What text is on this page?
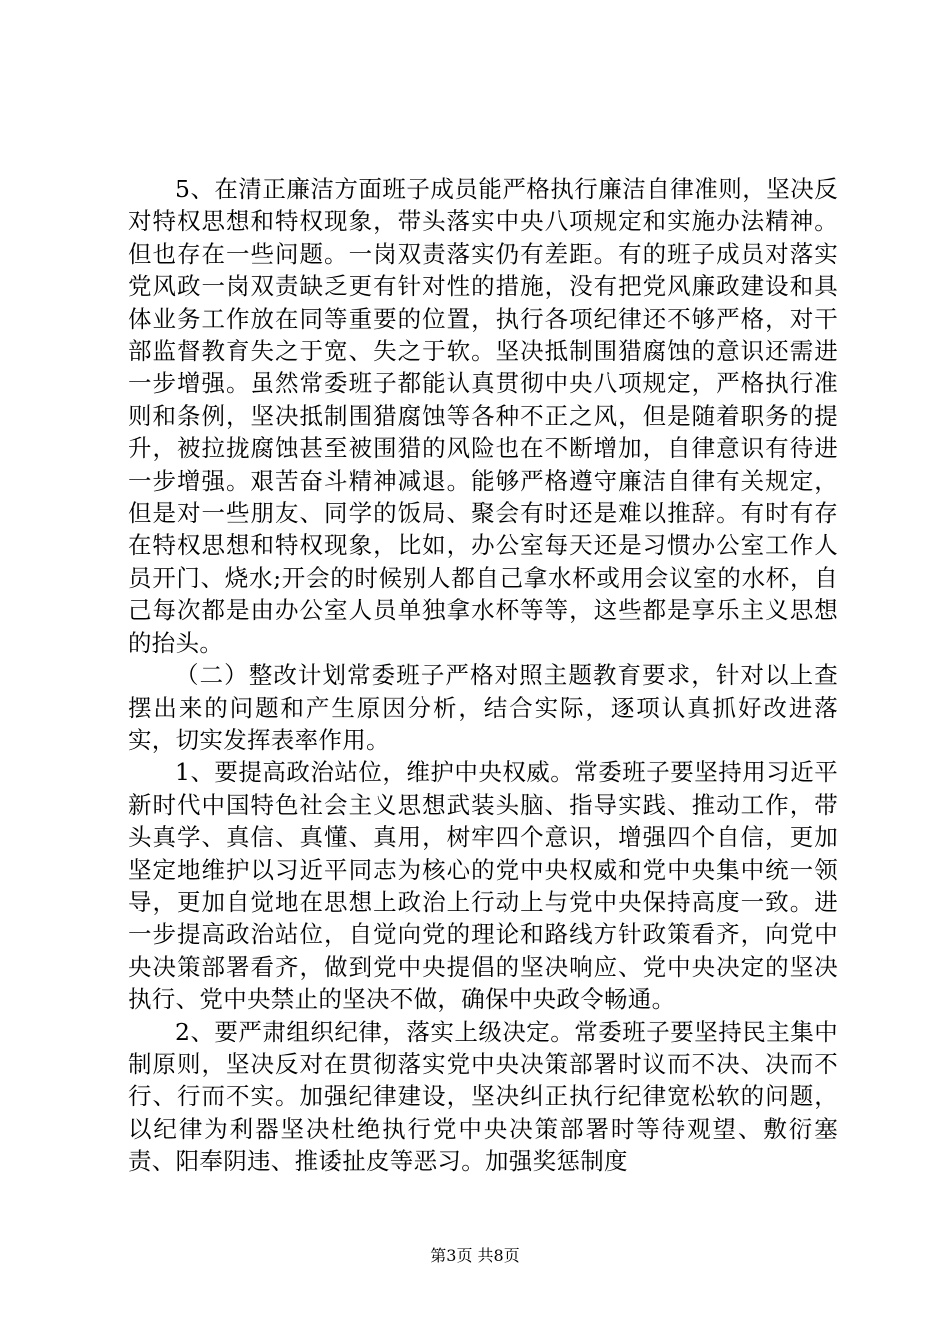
5、在清正廉洁方面班子成员能严格执行廉洁自律准则，坚决反对特权思想和特权现象，带头落实中央八项规定和实施办法精神。但也存在一些问题。一岗双责落实仍有差距。有的班子成员对落实党风政一岗双责缺乏更有针对性的措施，没有把党风廉政建设和具体业务工作放在同等重要的位置，执行各项纪律还不够严格，对干部监督教育失之于宽、失之于软。坚决抵制围猎腐蚀的意识还需进一步增强。虽然常委班子都能认真贯彻中央八项规定，严格执行准则和条例，坚决抵制围猎腐蚀等各种不正之风，但是随着职务的提升，被拉拢腐蚀甚至被围猎的风险也在不断增加，自律意识有待进一步增强。艰苦奋斗精神减退。能够严格遵守廉洁自律有关规定，但是对一些朋友、同学的饭局、聚会有时还是难以推辞。有时有存在特权思想和特权现象，比如，办公室每天还是习惯办公室工作人员开门、烧水;开会的时候别人都自己拿水杯或用会议室的水杯，自己每次都是由办公室人员单独拿水杯等等，这些都是享乐主义思想的抬头。

（二）整改计划常委班子严格对照主题教育要求，针对以上查摆出来的问题和产生原因分析，结合实际，逐项认真抓好改进落实，切实发挥表率作用。

1、要提高政治站位，维护中央权威。常委班子要坚持用习近平新时代中国特色社会主义思想武装头脑、指导实践、推动工作，带头真学、真信、真懂、真用，树牢四个意识，增强四个自信，更加坚定地维护以习近平同志为核心的党中央权威和党中央集中统一领导，更加自觉地在思想上政治上行动上与党中央保持高度一致。进一步提高政治站位，自觉向党的理论和路线方针政策看齐，向党中央决策部署看齐，做到党中央提倡的坚决响应、党中央决定的坚决执行、党中央禁止的坚决不做，确保中央政令畅通。

2、要严肃组织纪律，落实上级决定。常委班子要坚持民主集中制原则，坚决反对在贯彻落实党中央决策部署时议而不决、决而不行、行而不实。加强纪律建设，坚决纠正执行纪律宽松软的问题，以纪律为利器坚决杜绝执行党中央决策部署时等待观望、敷衍塞责、阳奉阴违、推诿扯皮等恶习。加强奖惩制度

第3页 共8页
